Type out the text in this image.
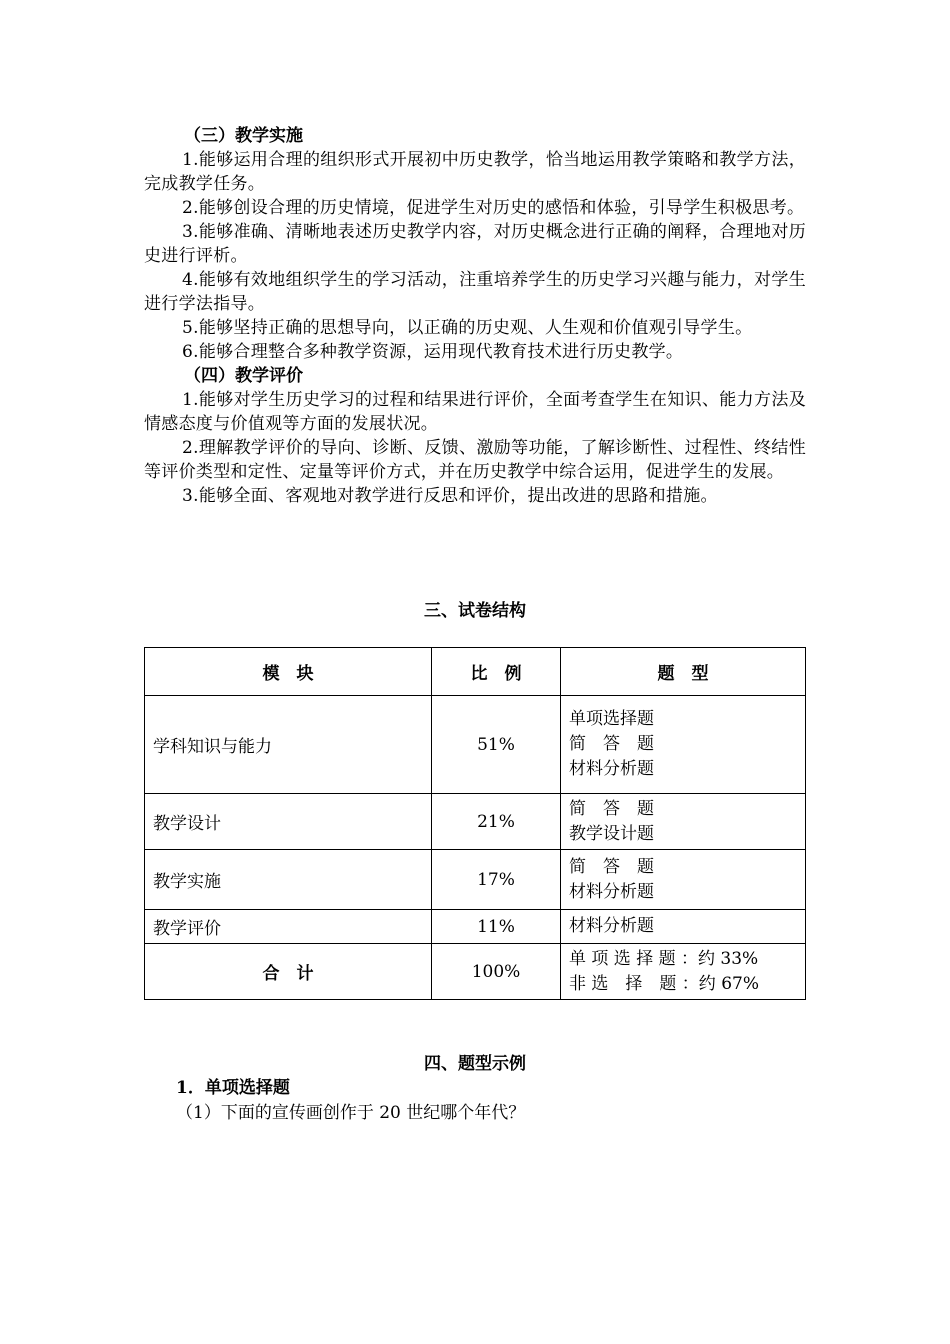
（三）教学实施

1.能够运用合理的组织形式开展初中历史教学，恰当地运用教学策略和教学方法，完成教学任务。

2.能够创设合理的历史情境，促进学生对历史的感悟和体验，引导学生积极思考。

3.能够准确、清晰地表述历史教学内容，对历史概念进行正确的阐释，合理地对历史进行评析。

4.能够有效地组织学生的学习活动，注重培养学生的历史学习兴趣与能力，对学生进行学法指导。

5.能够坚持正确的思想导向，以正确的历史观、人生观和价值观引导学生。

6.能够合理整合多种教学资源，运用现代教育技术进行历史教学。

（四）教学评价

1.能够对学生历史学习的过程和结果进行评价，全面考查学生在知识、能力方法及情感态度与价值观等方面的发展状况。

2.理解教学评价的导向、诊断、反馈、激励等功能，了解诊断性、过程性、终结性等评价类型和定性、定量等评价方式，并在历史教学中综合运用，促进学生的发展。

3.能够全面、客观地对教学进行反思和评价，提出改进的思路和措施。

三、试卷结构

模　块	比　例	题　型
学科知识与能力	51%	单项选择题
简　答　题
材料分析题

教学设计	21%	简　答　题
教学设计题

教学实施	17%	简　答　题
材料分析题

教学评价	11%	材料分析题

合　计	100%	单 项 选 择 题 ：约 33%
非 选　择　题 ：约 67%

四、题型示例

1．单项选择题

（1）下面的宣传画创作于 20 世纪哪个年代？
